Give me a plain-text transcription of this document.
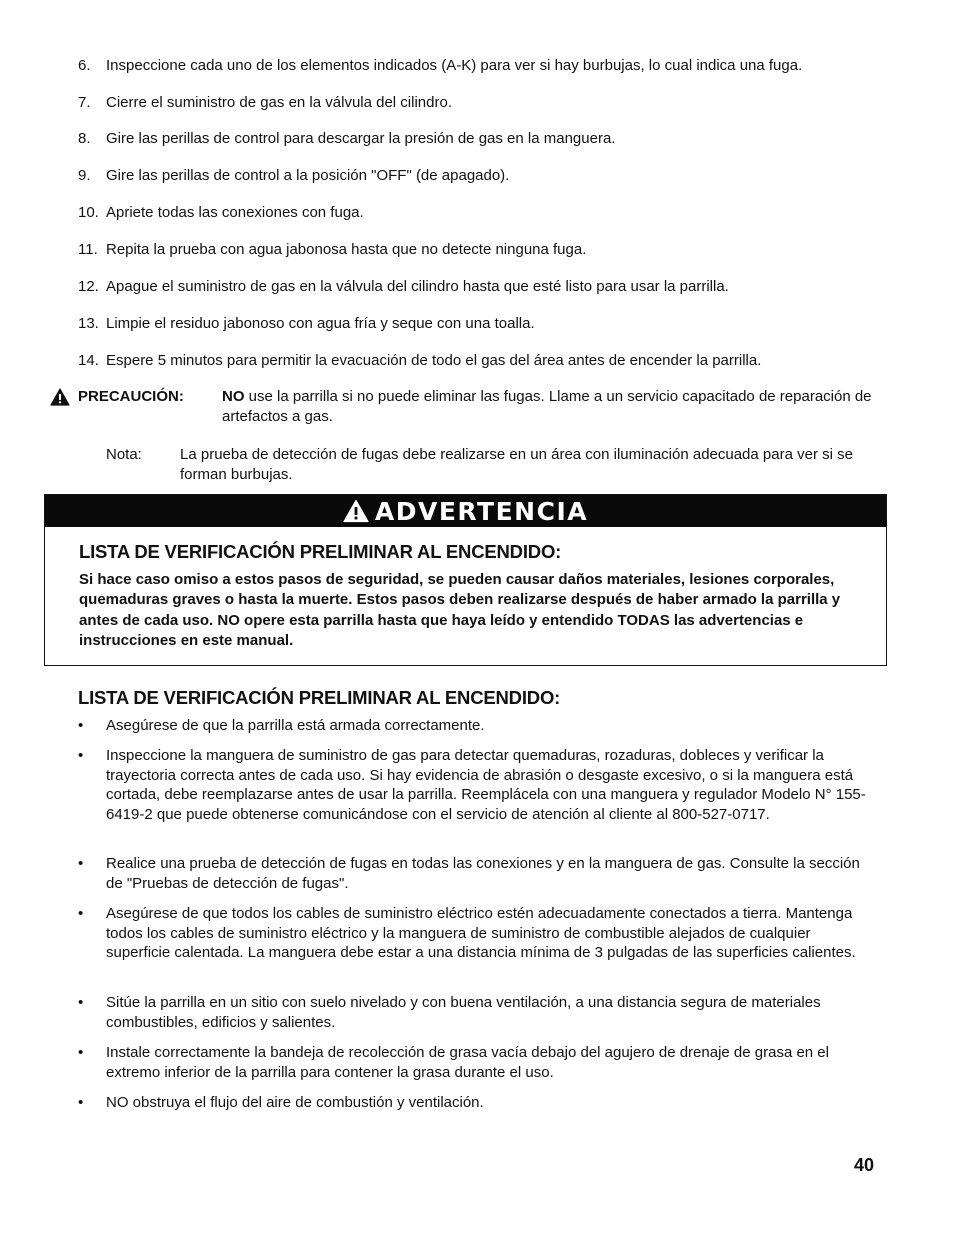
6. Inspeccione cada uno de los elementos indicados (A-K) para ver si hay burbujas, lo cual indica una fuga.
7. Cierre el suministro de gas en la válvula del cilindro.
8. Gire las perillas de control para descargar la presión de gas en la manguera.
9. Gire las perillas de control a la posición "OFF" (de apagado).
10. Apriete todas las conexiones con fuga.
11. Repita la prueba con agua jabonosa hasta que no detecte ninguna fuga.
12. Apague el suministro de gas en la válvula del cilindro hasta que esté listo para usar la parrilla.
13. Limpie el residuo jabonoso con agua fría y seque con una toalla.
14. Espere 5 minutos para permitir la evacuación de todo el gas del área antes de encender la parrilla.
PRECAUCIÓN:	NO use la parrilla si no puede eliminar las fugas. Llame a un servicio capacitado de reparación de artefactos a gas.
Nota:	La prueba de detección de fugas debe realizarse en un área con iluminación adecuada para ver si se forman burbujas.
ADVERTENCIA
LISTA DE VERIFICACIÓN PRELIMINAR AL ENCENDIDO:
Si hace caso omiso a estos pasos de seguridad, se pueden causar daños materiales, lesiones corporales, quemaduras graves o hasta la muerte. Estos pasos deben realizarse después de haber armado la parrilla y antes de cada uso. NO opere esta parrilla hasta que haya leído y entendido TODAS las advertencias e instrucciones en este manual.
LISTA DE VERIFICACIÓN PRELIMINAR AL ENCENDIDO:
• Asegúrese de que la parrilla está armada correctamente.
• Inspeccione la manguera de suministro de gas para detectar quemaduras, rozaduras, dobleces y verificar la trayectoria correcta antes de cada uso. Si hay evidencia de abrasión o desgaste excesivo, o si la manguera está cortada, debe reemplazarse antes de usar la parrilla. Reemplácela con una manguera y regulador Modelo N° 155-6419-2 que puede obtenerse comunicándose con el servicio de atención al cliente al 800-527-0717.
• Realice una prueba de detección de fugas en todas las conexiones y en la manguera de gas. Consulte la sección de "Pruebas de detección de fugas".
• Asegúrese de que todos los cables de suministro eléctrico estén adecuadamente conectados a tierra. Mantenga todos los cables de suministro eléctrico y la manguera de suministro de combustible alejados de cualquier superficie calentada. La manguera debe estar a una distancia mínima de 3 pulgadas de las superficies calientes.
• Sitúe la parrilla en un sitio con suelo nivelado y con buena ventilación, a una distancia segura de materiales combustibles, edificios y salientes.
• Instale correctamente la bandeja de recolección de grasa vacía debajo del agujero de drenaje de grasa en el extremo inferior de la parrilla para contener la grasa durante el uso.
• NO obstruya el flujo del aire de combustión y ventilación.
40
